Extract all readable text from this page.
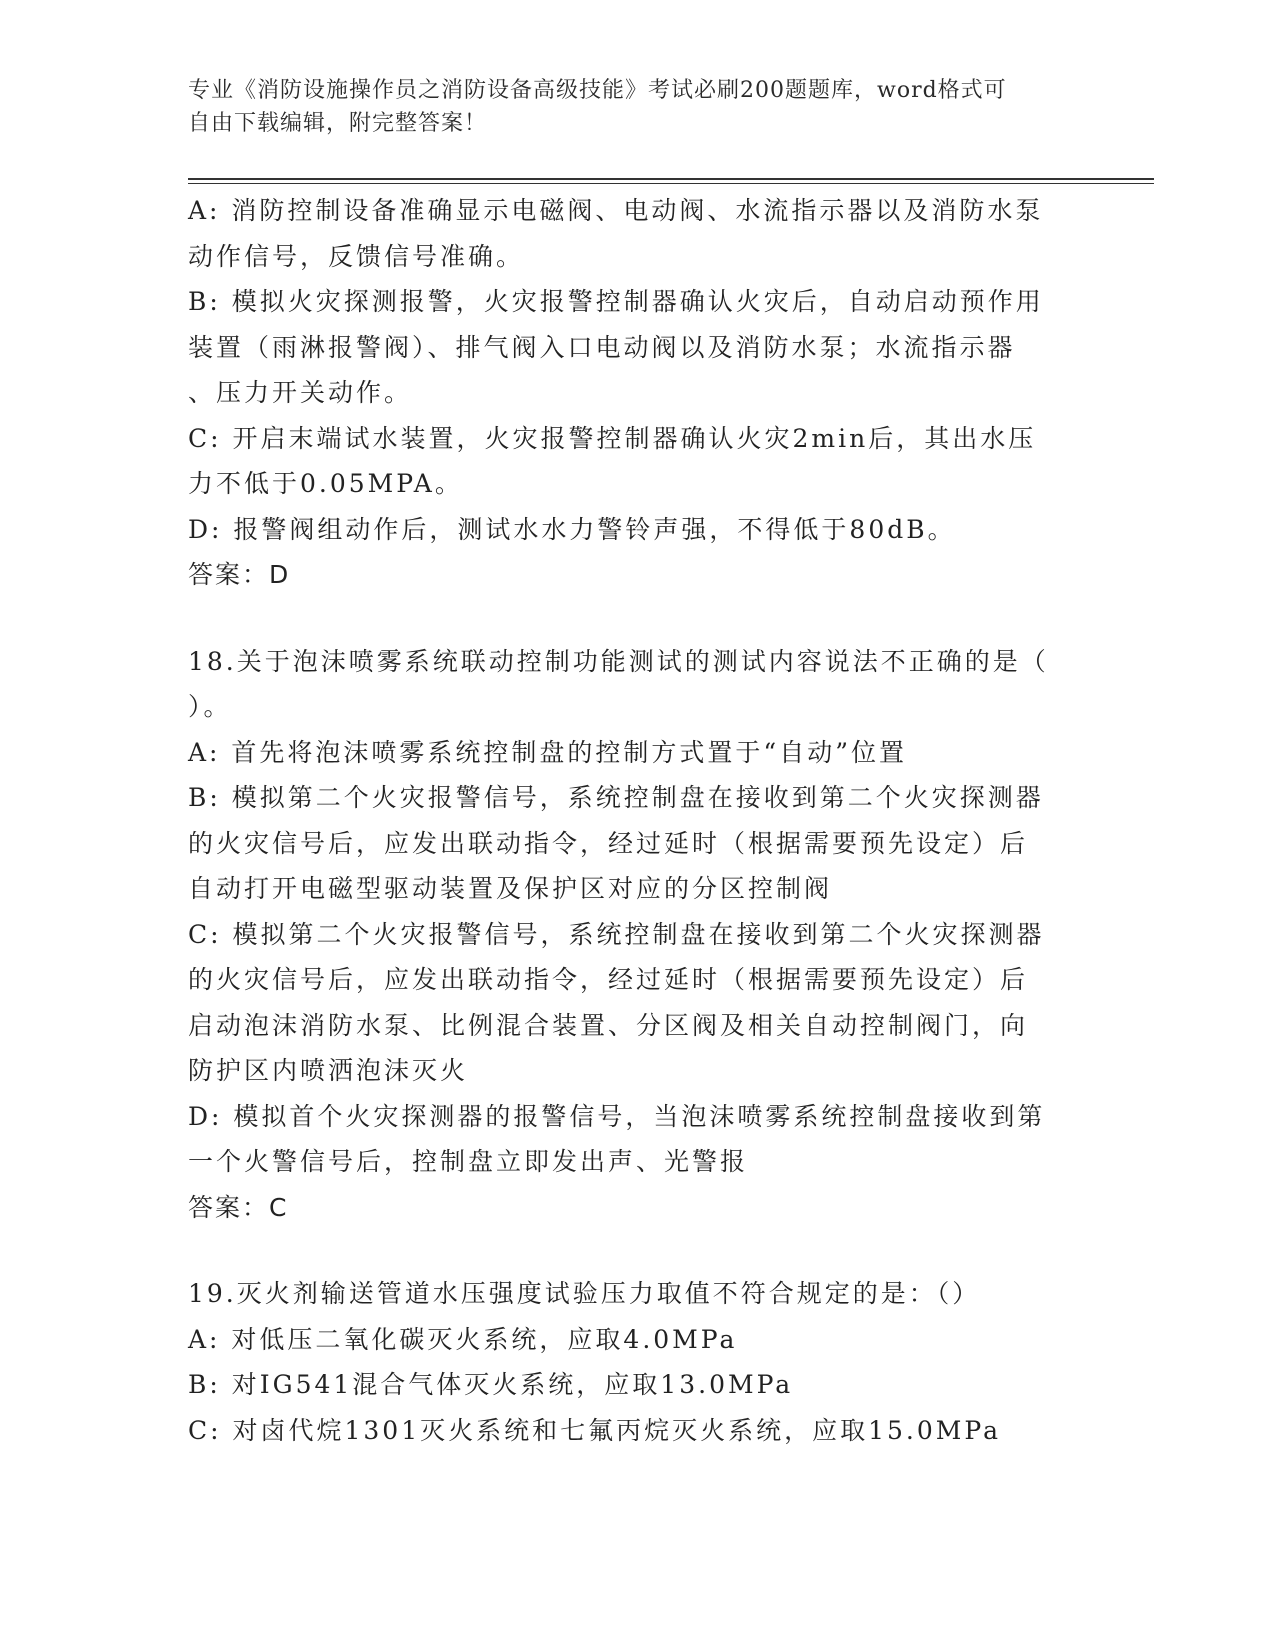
专业《消防设施操作员之消防设备高级技能》考试必刷200题题库，word格式可
自由下载编辑，附完整答案！
A: 消防控制设备准确显示电磁阀、电动阀、水流指示器以及消防水泵
动作信号，反馈信号准确。
B: 模拟火灾探测报警，火灾报警控制器确认火灾后，自动启动预作用
装置（雨淋报警阀）、排气阀入口电动阀以及消防水泵；水流指示器
、压力开关动作。
C: 开启末端试水装置，火灾报警控制器确认火灾2min后，其出水压
力不低于0.05MPA。
D: 报警阀组动作后，测试水水力警铃声强，不得低于80dB。
答案：D
18.关于泡沫喷雾系统联动控制功能测试的测试内容说法不正确的是（
）。
A: 首先将泡沫喷雾系统控制盘的控制方式置于“自动”位置
B: 模拟第二个火灾报警信号，系统控制盘在接收到第二个火灾探测器
的火灾信号后，应发出联动指令，经过延时（根据需要预先设定）后
自动打开电磁型驱动装置及保护区对应的分区控制阀
C: 模拟第二个火灾报警信号，系统控制盘在接收到第二个火灾探测器
的火灾信号后，应发出联动指令，经过延时（根据需要预先设定）后
启动泡沫消防水泵、比例混合装置、分区阀及相关自动控制阀门，向
防护区内喷洒泡沫灭火
D: 模拟首个火灾探测器的报警信号，当泡沫喷雾系统控制盘接收到第
一个火警信号后，控制盘立即发出声、光警报
答案：C
19.灭火剂输送管道水压强度试验压力取值不符合规定的是：（）
A: 对低压二氧化碳灭火系统，应取4.0MPa
B: 对IG541混合气体灭火系统，应取13.0MPa
C: 对卤代烷1301灭火系统和七氟丙烷灭火系统，应取15.0MPa
